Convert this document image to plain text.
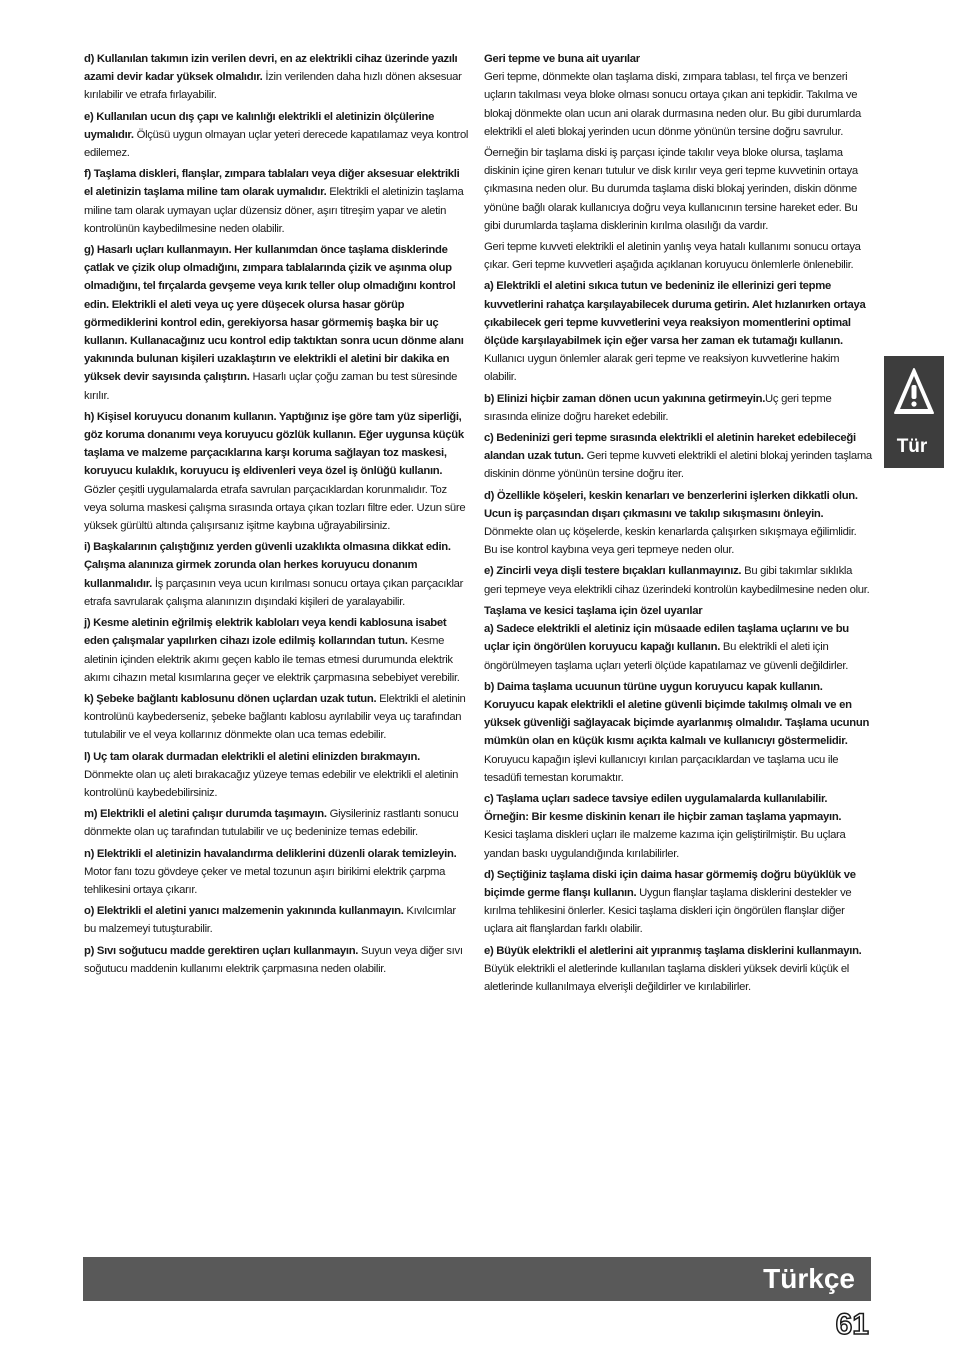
d) Kullanılan takımın izin verilen devri, en az elektrikli cihaz üzerinde yazılı azami devir kadar yüksek olmalıdır. İzin verilenden daha hızlı dönen aksesuar kırılabilir ve etrafa fırlayabilir.

e) Kullanılan ucun dış çapı ve kalınlığı elektrikli el aletinizin ölçülerine uymalıdır. Ölçüsü uygun olmayan uçlar yeteri derecede kapatılamaz veya kontrol edilemez.

f) Taşlama diskleri, flanşlar, zımpara tablaları veya diğer aksesuar elektrikli el aletinizin taşlama miline tam olarak uymalıdır. Elektrikli el aletinizin taşlama miline tam olarak uymayan uçlar düzensiz döner, aşırı titreşim yapar ve aletin kontrolünün kaybedilmesine neden olabilir.

g) Hasarlı uçları kullanmayın. Her kullanımdan önce taşlama disklerinde çatlak ve çizik olup olmadığını, zımpara tablalarında çizik ve aşınma olup olmadığını, tel fırçalarda gevşeme veya kırık teller olup olmadığını kontrol edin. Elektrikli el aleti veya uç yere düşecek olursa hasar görüp görmediklerini kontrol edin, gerekiyorsa hasar görmemiş başka bir uç kullanın. Kullanacağınız ucu kontrol edip taktıktan sonra ucun dönme alanı yakınında bulunan kişileri uzaklaştırın ve elektrikli el aletini bir dakika en yüksek devir sayısında çalıştırın. Hasarlı uçlar çoğu zaman bu test süresinde kırılır.

h) Kişisel koruyucu donanım kullanın. Yaptığınız işe göre tam yüz siperliği, göz koruma donanımı veya koruyucu gözlük kullanın. Eğer uygunsa küçük taşlama ve malzeme parçacıklarına karşı koruma sağlayan toz maskesi, koruyucu kulaklık, koruyucu iş eldivenleri veya özel iş önlüğü kullanın. Gözler çeşitli uygulamalarda etrafa savrulan parçacıklardan korunmalıdır. Toz veya soluma maskesi çalışma sırasında ortaya çıkan tozları filtre eder. Uzun süre yüksek gürültü altında çalışırsanız işitme kaybına uğrayabilirsiniz.

i) Başkalarının çalıştığınız yerden güvenli uzaklıkta olmasına dikkat edin. Çalışma alanınıza girmek zorunda olan herkes koruyucu donanım kullanmalıdır. İş parçasının veya ucun kırılması sonucu ortaya çıkan parçacıklar etrafa savrularak çalışma alanınızın dışındaki kişileri de yaralayabilir.

j) Kesme aletinin eğrilmiş elektrik kabloları veya kendi kablosuna isabet eden çalışmalar yapılırken cihazı izole edilmiş kollarından tutun. Kesme aletinin içinden elektrik akımı geçen kablo ile temas etmesi durumunda elektrik akımı cihazın metal kısımlarına geçer ve elektrik çarpmasına sebebiyet verebilir.

k) Şebeke bağlantı kablosunu dönen uçlardan uzak tutun. Elektrikli el aletinin kontrolünü kaybederseniz, şebeke bağlantı kablosu ayrılabilir veya uç tarafından tutulabilir ve el veya kollarınız dönmekte olan uca temas edebilir.

l) Uç tam olarak durmadan elektrikli el aletini elinizden bırakmayın. Dönmekte olan uç aleti bırakacağız yüzeye temas edebilir ve elektrikli el aletinin kontrolünü kaybedebilirsiniz.

m) Elektrikli el aletini çalışır durumda taşımayın. Giysileriniz rastlantı sonucu dönmekte olan uç tarafından tutulabilir ve uç bedeninize temas edebilir.

n) Elektrikli el aletinizin havalandırma deliklerini düzenli olarak temizleyin. Motor fanı tozu gövdeye çeker ve metal tozunun aşırı birikimi elektrik çarpma tehlikesini ortaya çıkarır.

o) Elektrikli el aletini yanıcı malzemenin yakınında kullanmayın. Kıvılcımlar bu malzemeyi tutuşturabilir.

p) Sıvı soğutucu madde gerektiren uçları kullanmayın. Suyun veya diğer sıvı soğutucu maddenin kullanımı elektrik çarpmasına neden olabilir.

Geri tepme ve buna ait uyarılar

Geri tepme, dönmekte olan taşlama diski, zımpara tablası, tel fırça ve benzeri uçların takılması veya bloke olması sonucu ortaya çıkan ani tepkidir. Takılma ve blokaj dönmekte olan ucun ani olarak durmasına neden olur. Bu gibi durumlarda elektrikli el aleti blokaj yerinden ucun dönme yönünün tersine doğru savrulur.

Öerneğin bir taşlama diski iş parçası içinde takılır veya bloke olursa, taşlama diskinin içine giren kenarı tutulur ve disk kırılır veya geri tepme kuvvetinin ortaya çıkmasına neden olur. Bu durumda taşlama diski blokaj yerinden, diskin dönme yönüne bağlı olarak kullanıcıya doğru veya kullanıcının tersine hareket eder. Bu gibi durumlarda taşlama disklerinin kırılma olasılığı da vardır.

Geri tepme kuvveti elektrikli el aletinin yanlış veya hatalı kullanımı sonucu ortaya çıkar. Geri tepme kuvvetleri aşağıda açıklanan koruyucu önlemlerle önlenebilir.

a) Elektrikli el aletini sıkıca tutun ve bedeniniz ile ellerinizi geri tepme kuvvetlerini rahatça karşılayabilecek duruma getirin. Alet hızlanırken ortaya çıkabilecek geri tepme kuvvetlerini veya reaksiyon momentlerini optimal ölçüde karşılayabilmek için eğer varsa her zaman ek tutamağı kullanın. Kullanıcı uygun önlemler alarak geri tepme ve reaksiyon kuvvetlerine hakim olabilir.

b) Elinizi hiçbir zaman dönen ucun yakınına getirmeyin.Uç geri tepme sırasında elinize doğru hareket edebilir.

c) Bedeninizi geri tepme sırasında elektrikli el aletinin hareket edebileceği alandan uzak tutun. Geri tepme kuvveti elektrikli el aletini blokaj yerinden taşlama diskinin dönme yönünün tersine doğru iter.

d) Özellikle köşeleri, keskin kenarları ve benzerlerini işlerken dikkatli olun. Ucun iş parçasından dışarı çıkmasını ve takılıp sıkışmasını önleyin. Dönmekte olan uç köşelerde, keskin kenarlarda çalışırken sıkışmaya eğilimlidir. Bu ise kontrol kaybına veya geri tepmeye neden olur.

e) Zincirli veya dişli testere bıçakları kullanmayınız. Bu gibi takımlar sıklıkla geri tepmeye veya elektrikli cihaz üzerindeki kontrolün kaybedilmesine neden olur.

Taşlama ve kesici taşlama için özel uyarılar

a) Sadece elektrikli el aletiniz için müsaade edilen taşlama uçlarını ve bu uçlar için öngörülen koruyucu kapağı kullanın. Bu elektrikli el aleti için öngörülmeyen taşlama uçları yeterli ölçüde kapatılamaz ve güvenli değildirler.

b) Daima taşlama ucuunun türüne uygun koruyucu kapak kullanın. Koruyucu kapak elektrikli el aletine güvenli biçimde takılmış olmalı ve en yüksek güvenliği sağlayacak biçimde ayarlanmış olmalıdır. Taşlama ucunun mümkün olan en küçük kısmı açıkta kalmalı ve kullanıcıyı göstermelidir. Koruyucu kapağın işlevi kullanıcıyı kırılan parçacıklardan ve taşlama ucu ile tesadüfi temestan korumaktır.

c) Taşlama uçları sadece tavsiye edilen uygulamalarda kullanılabilir. Örneğin: Bir kesme diskinin kenarı ile hiçbir zaman taşlama yapmayın. Kesici taşlama diskleri uçları ile malzeme kazıma için geliştirilmiştir. Bu uçlara yandan baskı uygulandığında kırılabilirler.

d) Seçtiğiniz taşlama diski için daima hasar görmemiş doğru büyüklük ve biçimde germe flanşı kullanın. Uygun flanşlar taşlama disklerini destekler ve kırılma tehlikesini önlerler. Kesici taşlama diskleri için öngörülen flanşlar diğer uçlara ait flanşlardan farklı olabilir.

e) Büyük elektrikli el aletlerini ait yıpranmış taşlama disklerini kullanmayın. Büyük elektrikli el aletlerinde kullanılan taşlama diskleri yüksek devirli küçük el aletlerinde kullanılmaya elverişli değildirler ve kırılabilirler.

Tür
Türkçe
61
